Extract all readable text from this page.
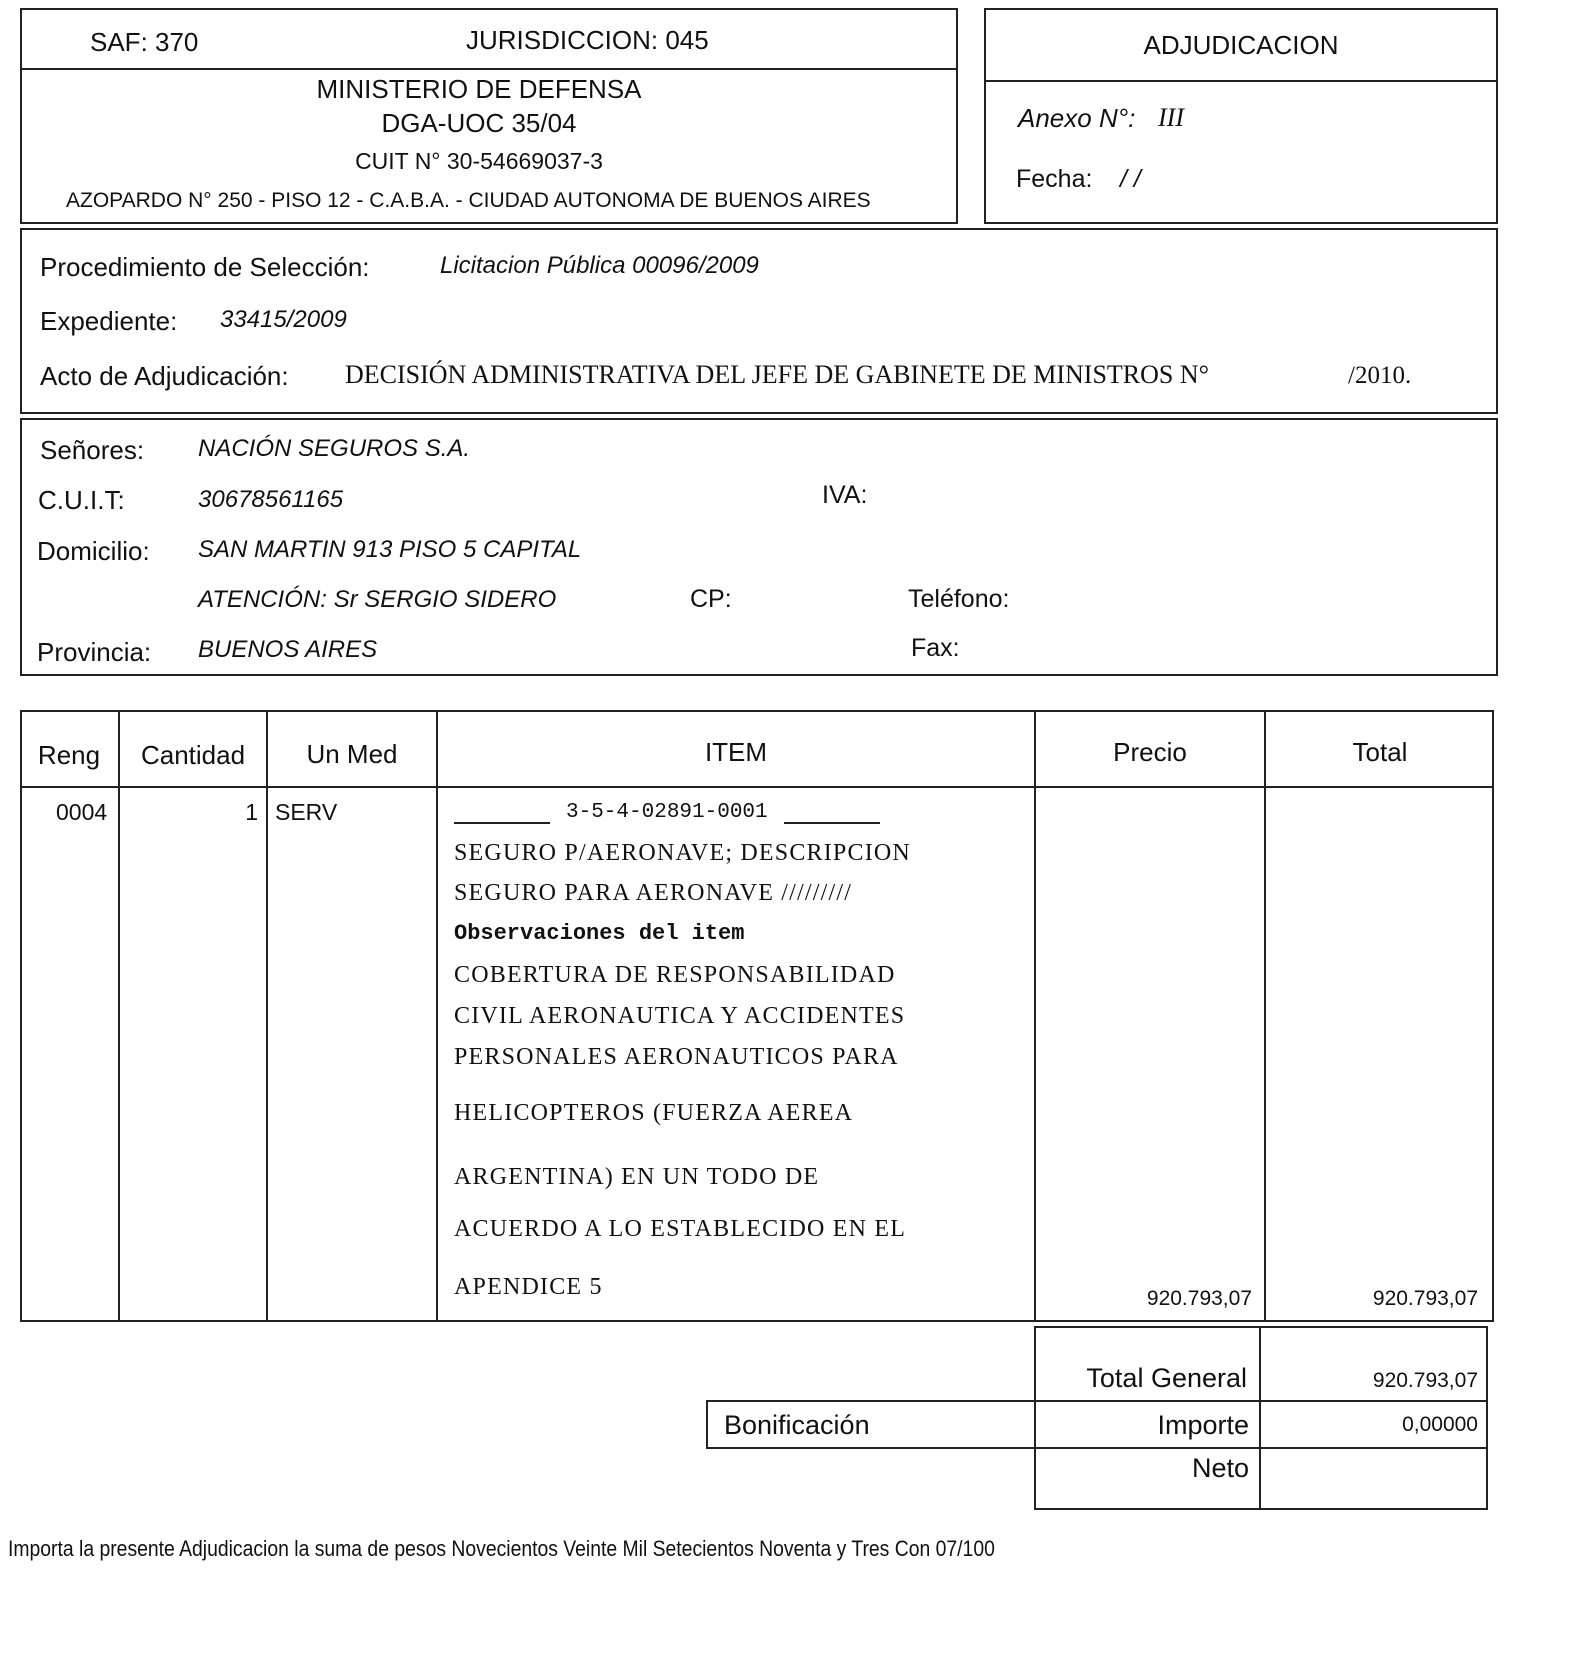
SAF: 370	JURISDICCION: 045
MINISTERIO DE DEFENSA
DGA-UOC 35/04
CUIT N° 30-54669037-3
AZOPARDO N° 250 - PISO 12 - C.A.B.A. - CIUDAD AUTONOMA DE BUENOS AIRES
ADJUDICACION
Anexo N°: III
Fecha: / /
Procedimiento de Selección:	Licitacion Pública 00096/2009
Expediente: 33415/2009
Acto de Adjudicación: DECISIÓN ADMINISTRATIVA DEL JEFE DE GABINETE DE MINISTROS N°	/2010.
Señores: NACIÓN SEGUROS S.A.
C.U.I.T:	30678561165	IVA:
Domicilio: SAN MARTIN 913 PISO 5 CAPITAL
ATENCIÓN: Sr SERGIO SIDERO	CP:	Teléfono:
Provincia: BUENOS AIRES	Fax:
Reng	Cantidad	Un Med	ITEM	Precio	Total
0004	1 SERV	3-5-4-02891-0001
SEGURO P/AERONAVE; DESCRIPCION
SEGURO PARA AERONAVE /////////
Observaciones del item
COBERTURA DE RESPONSABILIDAD
CIVIL AERONAUTICA Y ACCIDENTES
PERSONALES AERONAUTICOS PARA
HELICOPTEROS (FUERZA AEREA
ARGENTINA) EN UN TODO DE
ACUERDO A LO ESTABLECIDO EN EL
APENDICE 5	920.793,07	920.793,07
Total General	920.793,07
Bonificación	Importe	0,00000
Neto
Importa la presente Adjudicacion la suma de pesos Novecientos Veinte Mil Setecientos Noventa y Tres Con 07/100
